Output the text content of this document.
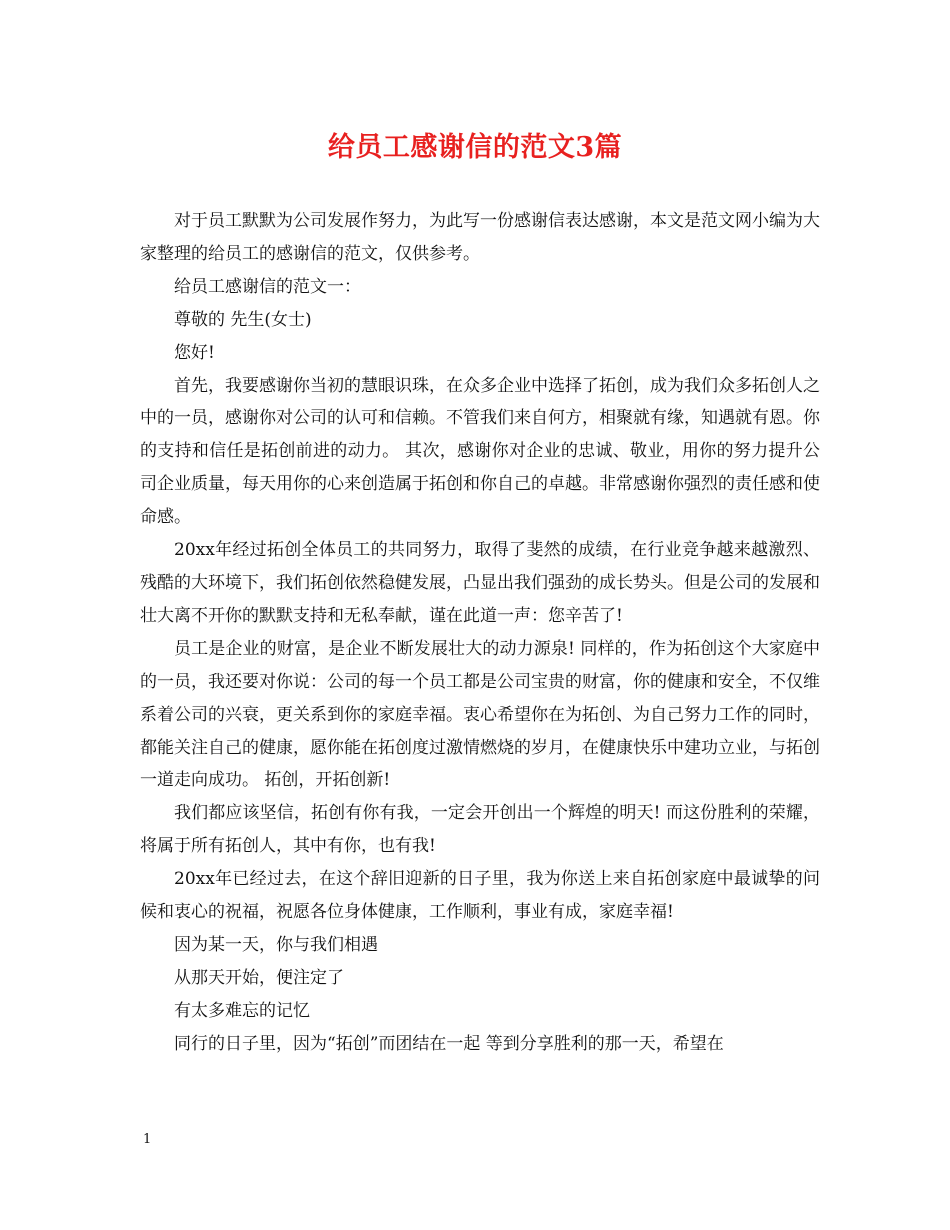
给员工感谢信的范文3篇

对于员工默默为公司发展作努力，为此写一份感谢信表达感谢，本文是范文网小编为大家整理的给员工的感谢信的范文，仅供参考。

给员工感谢信的范文一：

尊敬的 先生(女士)

您好!

首先，我要感谢你当初的慧眼识珠，在众多企业中选择了拓创，成为我们众多拓创人之中的一员，感谢你对公司的认可和信赖。不管我们来自何方，相聚就有缘，知遇就有恩。你的支持和信任是拓创前进的动力。 其次，感谢你对企业的忠诚、敬业，用你的努力提升公司企业质量，每天用你的心来创造属于拓创和你自己的卓越。非常感谢你强烈的责任感和使命感。

20xx年经过拓创全体员工的共同努力，取得了斐然的成绩，在行业竞争越来越激烈、残酷的大环境下，我们拓创依然稳健发展，凸显出我们强劲的成长势头。但是公司的发展和壮大离不开你的默默支持和无私奉献，谨在此道一声：您辛苦了!

员工是企业的财富，是企业不断发展壮大的动力源泉! 同样的，作为拓创这个大家庭中的一员，我还要对你说：公司的每一个员工都是公司宝贵的财富，你的健康和安全，不仅维系着公司的兴衰，更关系到你的家庭幸福。衷心希望你在为拓创、为自己努力工作的同时，都能关注自己的健康，愿你能在拓创度过激情燃烧的岁月，在健康快乐中建功立业，与拓创一道走向成功。 拓创，开拓创新!

我们都应该坚信，拓创有你有我，一定会开创出一个辉煌的明天! 而这份胜利的荣耀，将属于所有拓创人，其中有你，也有我!

20xx年已经过去，在这个辞旧迎新的日子里，我为你送上来自拓创家庭中最诚挚的问候和衷心的祝福，祝愿各位身体健康，工作顺利，事业有成，家庭幸福!

因为某一天，你与我们相遇

从那天开始，便注定了

有太多难忘的记忆

同行的日子里，因为“拓创”而团结在一起 等到分享胜利的那一天，希望在

1
